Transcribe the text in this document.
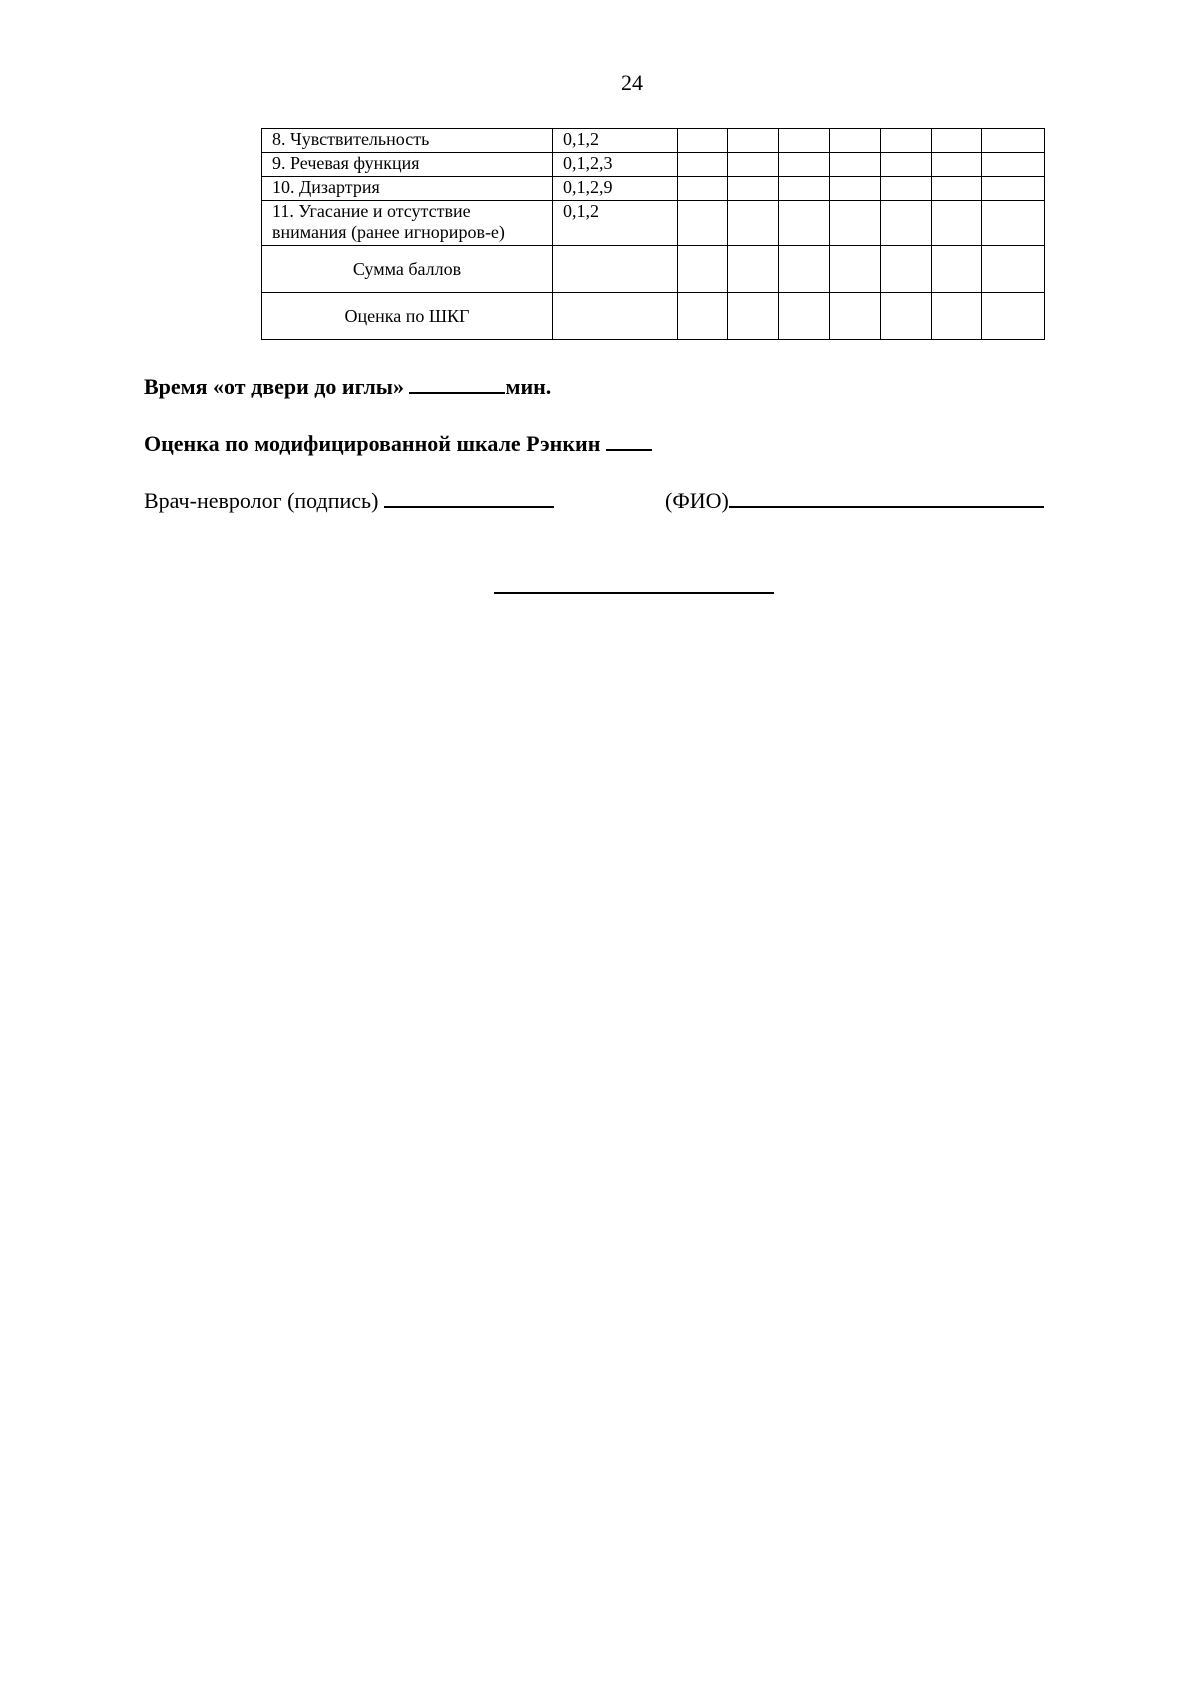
24
8. Чувствительность	0,1,2							
9. Речевая функция	0,1,2,3							
10. Дизартрия	0,1,2,9							

11. Угасание и отсутствие
внимания (ранее игнориров-е)	0,1,2							
Сумма баллов								
Оценка по ШКГ								
Время «от двери до иглы»	мин.
Оценка по модифицированной шкале Рэнкин
Врач-невролог (подпись)	(ФИО)
